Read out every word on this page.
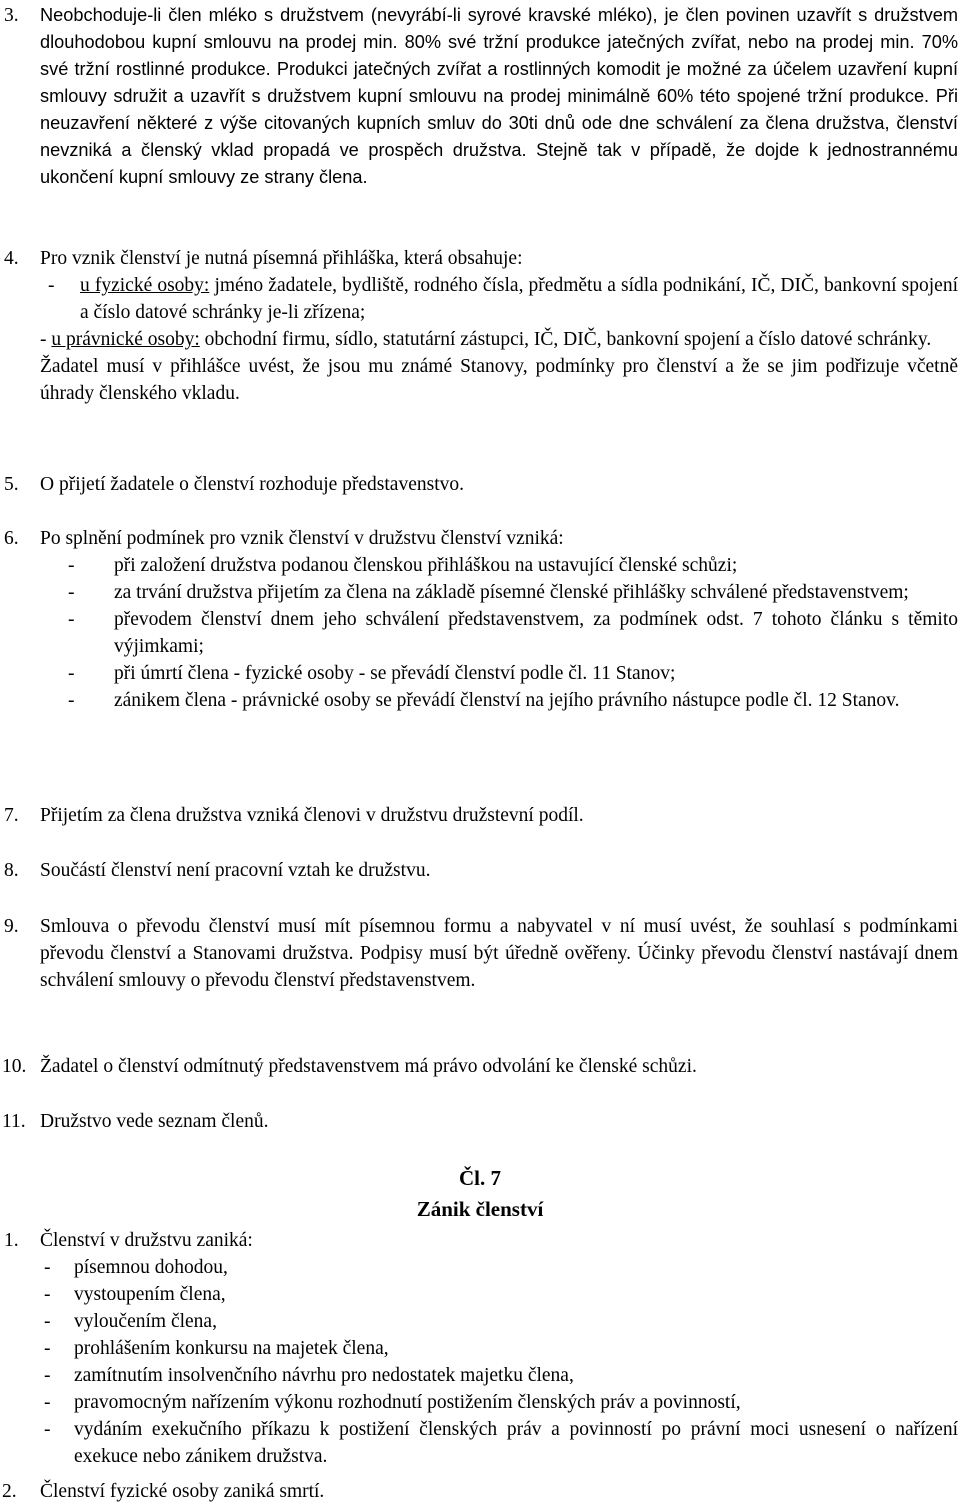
3. Neobchoduje-li člen mléko s družstvem (nevyrábí-li syrové kravské mléko), je člen povinen uzavřít s družstvem dlouhodobou kupní smlouvu na prodej min. 80% své tržní produkce jatečných zvířat, nebo na prodej min. 70% své tržní rostlinné produkce. Produkci jatečných zvířat a rostlinných komodit je možné za účelem uzavření kupní smlouvy sdružit a uzavřít s družstvem kupní smlouvu na prodej minimálně 60% této spojené tržní produkce. Při neuzavření některé z výše citovaných kupních smluv do 30ti dnů ode dne schválení za člena družstva, členství nevzniká a členský vklad propadá ve prospěch družstva. Stejně tak v případě, že dojde k jednostrannému ukončení kupní smlouvy ze strany člena.
4. Pro vznik členství je nutná písemná přihláška, která obsahuje:
- u fyzické osoby: jméno žadatele, bydliště, rodného čísla, předmětu a sídla podnikání, IČ, DIČ, bankovní spojení a číslo datové schránky je-li zřízena;
- u právnické osoby: obchodní firmu, sídlo, statutární zástupci, IČ, DIČ, bankovní spojení a číslo datové schránky.
Žadatel musí v přihlášce uvést, že jsou mu známé Stanovy, podmínky pro členství a že se jim podřizuje včetně úhrady členského vkladu.
5. O přijetí žadatele o členství rozhoduje představenstvo.
6. Po splnění podmínek pro vznik členství v družstvu členství vzniká:
- při založení družstva podanou členskou přihláškou na ustavující členské schůzi;
- za trvání družstva přijetím za člena na základě písemné členské přihlášky schválené představenstvem;
- převodem členství dnem jeho schválení představenstvem, za podmínek odst. 7 tohoto článku s těmito výjimkami;
- při úmrtí člena - fyzické osoby - se převádí členství podle čl. 11 Stanov;
- zánikem člena - právnické osoby se převádí členství na jejího právního nástupce podle čl. 12 Stanov.
7. Přijetím za člena družstva vzniká členovi v družstvu družstevní podíl.
8. Součástí členství není pracovní vztah ke družstvu.
9. Smlouva o převodu členství musí mít písemnou formu a nabyvatel v ní musí uvést, že souhlasí s podmínkami převodu členství a Stanovami družstva. Podpisy musí být úředně ověřeny. Účinky převodu členství nastávají dnem schválení smlouvy o převodu členství představenstvem.
10. Žadatel o členství odmítnutý představenstvem má právo odvolání ke členské schůzi.
11. Družstvo vede seznam členů.
Čl. 7
Zánik členství
1. Členství v družstvu zaniká:
- písemnou dohodou,
- vystoupením člena,
- vyloučením člena,
- prohlášením konkursu na majetek člena,
- zamítnutím insolvenčního návrhu pro nedostatek majetku člena,
- pravomocným nařízením výkonu rozhodnutí postižením členských práv a povinností,
- vydáním exekučního příkazu k postižení členských práv a povinností po právní moci usnesení o nařízení exekuce nebo zánikem družstva.
2. Členství fyzické osoby zaniká smrtí.
